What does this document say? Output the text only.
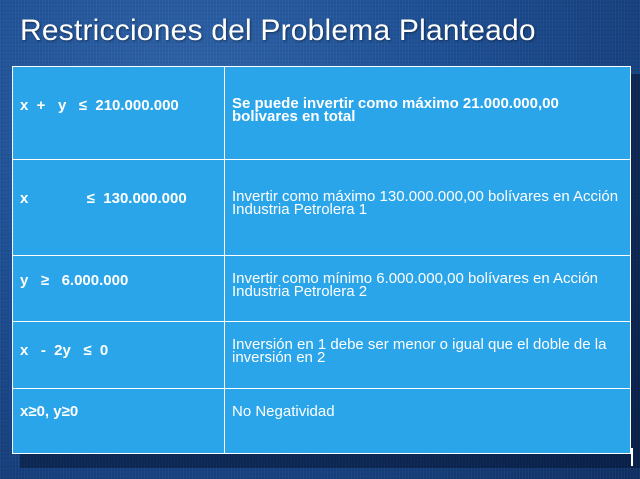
Restricciones del Problema Planteado
x  +   y   ≤  210.000.000	Se puede invertir como máximo 21.000.000,00 bolívares en total
x              ≤  130.000.000	Invertir como máximo 130.000.000,00 bolívares en Acción Industria Petrolera 1
y   ≥   6.000.000	Invertir como mínimo 6.000.000,00 bolívares en Acción Industria Petrolera 2
x   -  2y   ≤  0	Inversión en 1 debe ser menor o igual que el doble de la inversión en 2
x≥0, y≥0	No Negatividad
